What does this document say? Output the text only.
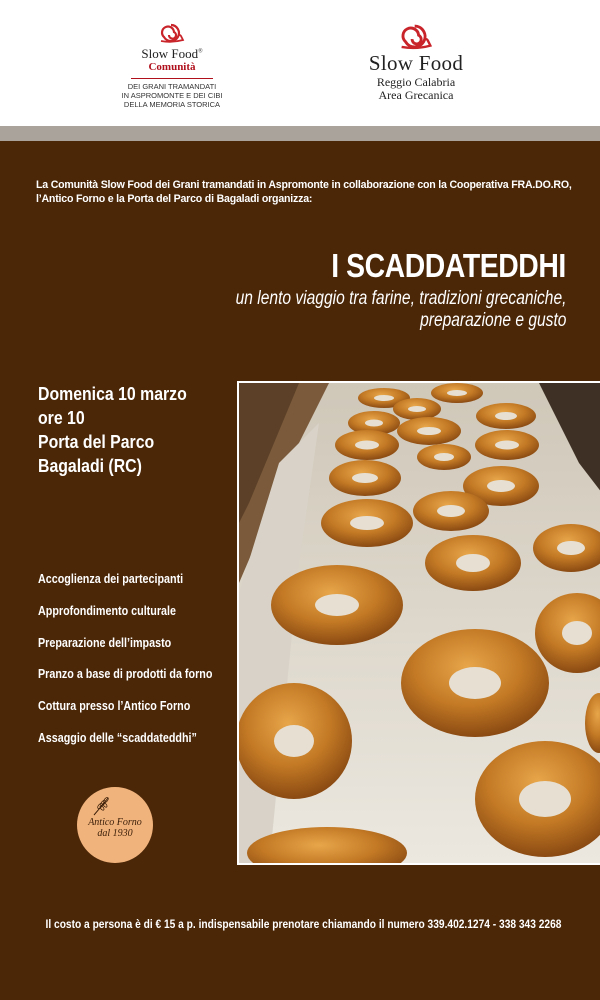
Slow Food®
Comunità
DEI GRANI TRAMANDATI
IN ASPROMONTE E DEI CIBI
DELLA MEMORIA STORICA
Slow Food
Reggio Calabria
Area Grecanica
La Comunità Slow Food dei Grani tramandati in Aspromonte in collaborazione con la Cooperativa FRA.DO.RO,
l’Antico Forno e la Porta del Parco di Bagaladi organizza:
I SCADDATEDDHI
un lento viaggio tra farine, tradizioni grecaniche,
preparazione e gusto
Domenica 10 marzo
ore 10
Porta del Parco
Bagaladi (RC)
Accoglienza dei partecipanti
Approfondimento culturale
Preparazione dell’impasto
Pranzo a base di prodotti da forno
Cottura presso l’Antico Forno
Assaggio delle “scaddateddhi”
Antico Forno
dal 1930
Il costo a persona è di € 15 a p. indispensabile prenotare chiamando il numero 339.402.1274 - 338 343 2268
